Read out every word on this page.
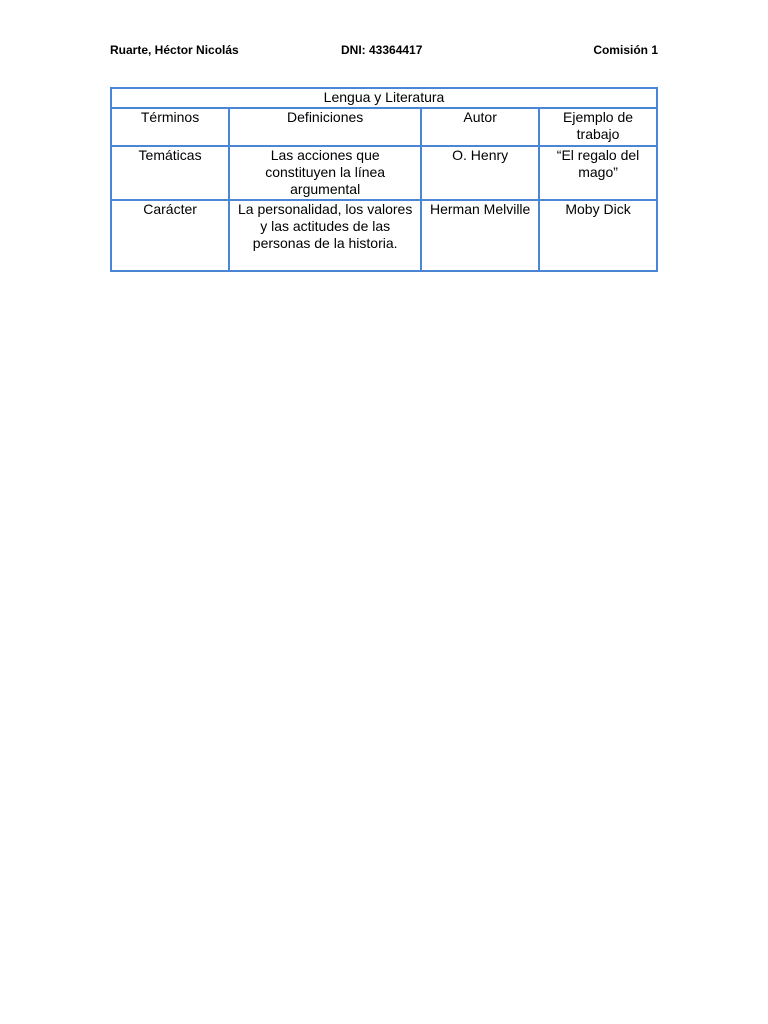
Ruarte, Héctor Nicolás	DNI: 43364417	Comisión 1
Lengua y Literatura			
Términos	Definiciones	Autor	Ejemplo de trabajo
Temáticas	Las acciones que constituyen la línea argumental	O. Henry	“El regalo del mago”
Carácter	La personalidad, los valores y las actitudes de las personas de la historia.	Herman Melville	Moby Dick
